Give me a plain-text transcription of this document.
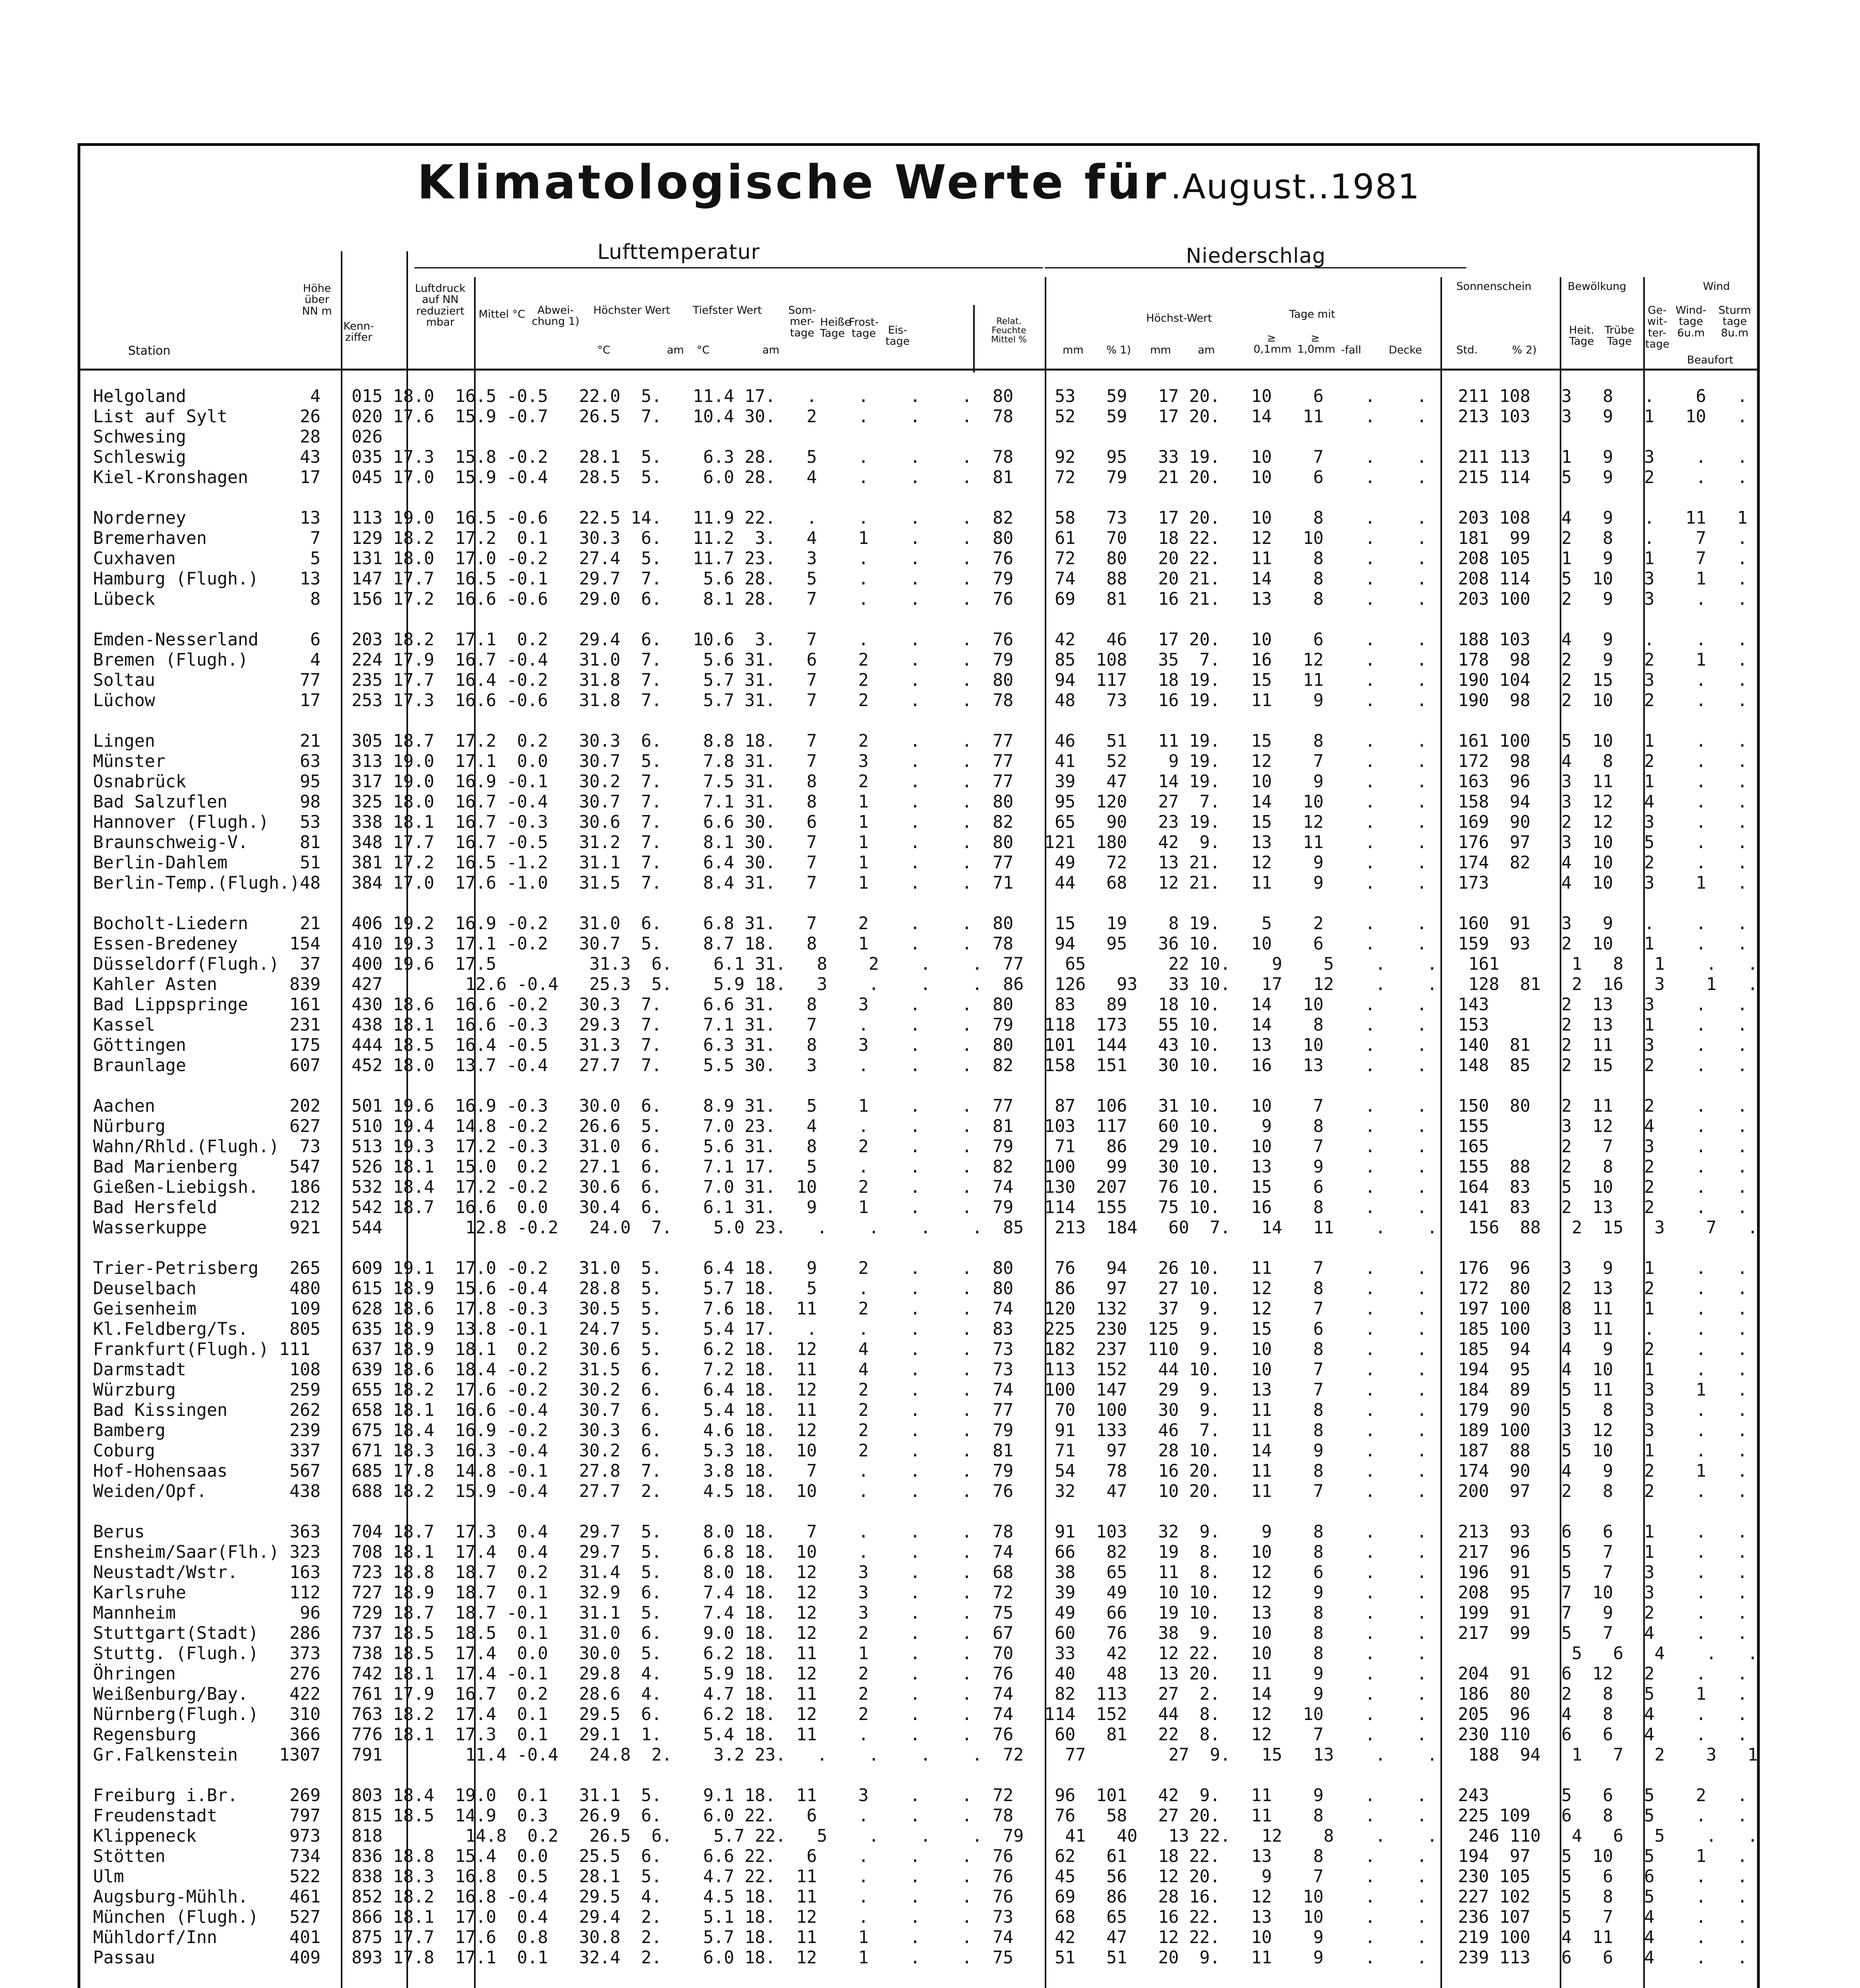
Klimatologische Werte für .August..1981
Lufttemperatur	Niederschlag
Station
Höhe über NN m
Kenn- ziffer
Luftdruck auf NN reduziert mbar
Mittel °C	Abwei- chung 1)
Höchster Wert
°C	am
Tiefster Wert
°C	am
Som- mer- tage
Heiße Tage
Frost- tage	Eis- tage
Relat. Feuchte Mittel %
mm % 1)
Höchst-Wert
mm am
Tage mit
≥ 0,1mm
≥ 1,0mm -fall	Decke
Sonnenschein
Std.	% 2)
Bewölkung
Heit. Tage
Trübe Tage
Ge- wit- ter- tage
Wind
Wind- tage 6u.m
Sturm tage 8u.m
Beaufort
Helgoland            4   015 18.0  16.5 -0.5   22.0  5.   11.4 17.   .    .    .    .  80    53   59   17 20.   10    6    .    .   211 108   3   8   .    6   .
List auf Sylt       26   020 17.6  15.9 -0.7   26.5  7.   10.4 30.   2    .    .    .  78    52   59   17 20.   14   11    .    .   213 103   3   9   1   10   .
Schwesing           28   026
Schleswig           43   035 17.3  15.8 -0.2   28.1  5.    6.3 28.   5    .    .    .  78    92   95   33 19.   10    7    .    .   211 113   1   9   3    .   .
Kiel-Kronshagen     17   045 17.0  15.9 -0.4   28.5  5.    6.0 28.   4    .    .    .  81    72   79   21 20.   10    6    .    .   215 114   5   9   2    .   .
Norderney           13   113 19.0  16.5 -0.6   22.5 14.   11.9 22.   .    .    .    .  82    58   73   17 20.   10    8    .    .   203 108   4   9   .   11   1
Bremerhaven          7   129 18.2  17.2  0.1   30.3  6.   11.2  3.   4    1    .    .  80    61   70   18 22.   12   10    .    .   181  99   2   8   .    7   .
Cuxhaven             5   131 18.0  17.0 -0.2   27.4  5.   11.7 23.   3    .    .    .  76    72   80   20 22.   11    8    .    .   208 105   1   9   1    7   .
Hamburg (Flugh.)    13   147 17.7  16.5 -0.1   29.7  7.    5.6 28.   5    .    .    .  79    74   88   20 21.   14    8    .    .   208 114   5  10   3    1   .
Lübeck               8   156 17.2  16.6 -0.6   29.0  6.    8.1 28.   7    .    .    .  76    69   81   16 21.   13    8    .    .   203 100   2   9   3    .   .
Emden-Nesserland     6   203 18.2  17.1  0.2   29.4  6.   10.6  3.   7    .    .    .  76    42   46   17 20.   10    6    .    .   188 103   4   9   .    .   .
Bremen (Flugh.)      4   224 17.9  16.7 -0.4   31.0  7.    5.6 31.   6    2    .    .  79    85  108   35  7.   16   12    .    .   178  98   2   9   2    1   .
Soltau              77   235 17.7  16.4 -0.2   31.8  7.    5.7 31.   7    2    .    .  80    94  117   18 19.   15   11    .    .   190 104   2  15   3    .   .
Lüchow              17   253 17.3  16.6 -0.6   31.8  7.    5.7 31.   7    2    .    .  78    48   73   16 19.   11    9    .    .   190  98   2  10   2    .   .
Lingen              21   305 18.7  17.2  0.2   30.3  6.    8.8 18.   7    2    .    .  77    46   51   11 19.   15    8    .    .   161 100   5  10   1    .   .
Münster             63   313 19.0  17.1  0.0   30.7  5.    7.8 31.   7    3    .    .  77    41   52    9 19.   12    7    .    .   172  98   4   8   2    .   .
Osnabrück           95   317 19.0  16.9 -0.1   30.2  7.    7.5 31.   8    2    .    .  77    39   47   14 19.   10    9    .    .   163  96   3  11   1    .   .
Bad Salzuflen       98   325 18.0  16.7 -0.4   30.7  7.    7.1 31.   8    1    .    .  80    95  120   27  7.   14   10    .    .   158  94   3  12   4    .   .
Hannover (Flugh.)   53   338 18.1  16.7 -0.3   30.6  7.    6.6 30.   6    1    .    .  82    65   90   23 19.   15   12    .    .   169  90   2  12   3    .   .
Braunschweig-V.     81   348 17.7  16.7 -0.5   31.2  7.    8.1 30.   7    1    .    .  80   121  180   42  9.   13   11    .    .   176  97   3  10   5    .   .
Berlin-Dahlem       51   381 17.2  16.5 -1.2   31.1  7.    6.4 30.   7    1    .    .  77    49   72   13 21.   12    9    .    .   174  82   4  10   2    .   .
Berlin-Temp.(Flugh.)48   384 17.0  17.6 -1.0   31.5  7.    8.4 31.   7    1    .    .  71    44   68   12 21.   11    9    .    .   173       4  10   3    1   .
Bocholt-Liedern     21   406 19.2  16.9 -0.2   31.0  6.    6.8 31.   7    2    .    .  80    15   19    8 19.    5    2    .    .   160  91   3   9   .    .   .
Essen-Bredeney     154   410 19.3  17.1 -0.2   30.7  5.    8.7 18.   8    1    .    .  78    94   95   36 10.   10    6    .    .   159  93   2  10   1    .   .
Düsseldorf(Flugh.)  37   400 19.6  17.5         31.3  6.    6.1 31.   8    2    .    .  77    65        22 10.    9    5    .    .   161       1   8   1    .   .
Kahler Asten       839   427        12.6 -0.4   25.3  5.    5.9 18.   3    .    .    .  86   126   93   33 10.   17   12    .    .   128  81   2  16   3    1   .
Bad Lippspringe    161   430 18.6  16.6 -0.2   30.3  7.    6.6 31.   8    3    .    .  80    83   89   18 10.   14   10    .    .   143       2  13   3    .   .
Kassel             231   438 18.1  16.6 -0.3   29.3  7.    7.1 31.   7    .    .    .  79   118  173   55 10.   14    8    .    .   153       2  13   1    .   .
Göttingen          175   444 18.5  16.4 -0.5   31.3  7.    6.3 31.   8    3    .    .  80   101  144   43 10.   13   10    .    .   140  81   2  11   3    .   .
Braunlage          607   452 18.0  13.7 -0.4   27.7  7.    5.5 30.   3    .    .    .  82   158  151   30 10.   16   13    .    .   148  85   2  15   2    .   .
Aachen             202   501 19.6  16.9 -0.3   30.0  6.    8.9 31.   5    1    .    .  77    87  106   31 10.   10    7    .    .   150  80   2  11   2    .   .
Nürburg            627   510 19.4  14.8 -0.2   26.6  5.    7.0 23.   4    .    .    .  81   103  117   60 10.    9    8    .    .   155       3  12   4    .   .
Wahn/Rhld.(Flugh.)  73   513 19.3  17.2 -0.3   31.0  6.    5.6 31.   8    2    .    .  79    71   86   29 10.   10    7    .    .   165       2   7   3    .   .
Bad Marienberg     547   526 18.1  15.0  0.2   27.1  6.    7.1 17.   5    .    .    .  82   100   99   30 10.   13    9    .    .   155  88   2   8   2    .   .
Gießen-Liebigsh.   186   532 18.4  17.2 -0.2   30.6  6.    7.0 31.  10    2    .    .  74   130  207   76 10.   15    6    .    .   164  83   5  10   2    .   .
Bad Hersfeld       212   542 18.7  16.6  0.0   30.4  6.    6.1 31.   9    1    .    .  79   114  155   75 10.   16    8    .    .   141  83   2  13   2    .   .
Wasserkuppe        921   544        12.8 -0.2   24.0  7.    5.0 23.   .    .    .    .  85   213  184   60  7.   14   11    .    .   156  88   2  15   3    7   .
Trier-Petrisberg   265   609 19.1  17.0 -0.2   31.0  5.    6.4 18.   9    2    .    .  80    76   94   26 10.   11    7    .    .   176  96   3   9   1    .   .
Deuselbach         480   615 18.9  15.6 -0.4   28.8  5.    5.7 18.   5    .    .    .  80    86   97   27 10.   12    8    .    .   172  80   2  13   2    .   .
Geisenheim         109   628 18.6  17.8 -0.3   30.5  5.    7.6 18.  11    2    .    .  74   120  132   37  9.   12    7    .    .   197 100   8  11   1    .   .
Kl.Feldberg/Ts.    805   635 18.9  13.8 -0.1   24.7  5.    5.4 17.   .    .    .    .  83   225  230  125  9.   15    6    .    .   185 100   3  11   .    .   .
Frankfurt(Flugh.) 111    637 18.9  18.1  0.2   30.6  5.    6.2 18.  12    4    .    .  73   182  237  110  9.   10    8    .    .   185  94   4   9   2    .   .
Darmstadt          108   639 18.6  18.4 -0.2   31.5  6.    7.2 18.  11    4    .    .  73   113  152   44 10.   10    7    .    .   194  95   4  10   1    .   .
Würzburg           259   655 18.2  17.6 -0.2   30.2  6.    6.4 18.  12    2    .    .  74   100  147   29  9.   13    7    .    .   184  89   5  11   3    1   .
Bad Kissingen      262   658 18.1  16.6 -0.4   30.7  6.    5.4 18.  11    2    .    .  77    70  100   30  9.   11    8    .    .   179  90   5   8   3    .   .
Bamberg            239   675 18.4  16.9 -0.2   30.3  6.    4.6 18.  12    2    .    .  79    91  133   46  7.   11    8    .    .   189 100   3  12   3    .   .
Coburg             337   671 18.3  16.3 -0.4   30.2  6.    5.3 18.  10    2    .    .  81    71   97   28 10.   14    9    .    .   187  88   5  10   1    .   .
Hof-Hohensaas      567   685 17.8  14.8 -0.1   27.8  7.    3.8 18.   7    .    .    .  79    54   78   16 20.   11    8    .    .   174  90   4   9   2    1   .
Weiden/Opf.        438   688 18.2  15.9 -0.4   27.7  2.    4.5 18.  10    .    .    .  76    32   47   10 20.   11    7    .    .   200  97   2   8   2    .   .
Berus              363   704 18.7  17.3  0.4   29.7  5.    8.0 18.   7    .    .    .  78    91  103   32  9.    9    8    .    .   213  93   6   6   1    .   .
Ensheim/Saar(Flh.) 323   708 18.1  17.4  0.4   29.7  5.    6.8 18.  10    .    .    .  74    66   82   19  8.   10    8    .    .   217  96   5   7   1    .   .
Neustadt/Wstr.     163   723 18.8  18.7  0.2   31.4  5.    8.0 18.  12    3    .    .  68    38   65   11  8.   12    6    .    .   196  91   5   7   3    .   .
Karlsruhe          112   727 18.9  18.7  0.1   32.9  6.    7.4 18.  12    3    .    .  72    39   49   10 10.   12    9    .    .   208  95   7  10   3    .   .
Mannheim            96   729 18.7  18.7 -0.1   31.1  5.    7.4 18.  12    3    .    .  75    49   66   19 10.   13    8    .    .   199  91   7   9   2    .   .
Stuttgart(Stadt)   286   737 18.5  18.5  0.1   31.0  6.    9.0 18.  12    2    .    .  67    60   76   38  9.   10    8    .    .   217  99   5   7   4    .   .
Stuttg. (Flugh.)   373   738 18.5  17.4  0.0   30.0  5.    6.2 18.  11    1    .    .  70    33   42   12 22.   10    8    .    .              5   6   4    .   .
Öhringen           276   742 18.1  17.4 -0.1   29.8  4.    5.9 18.  12    2    .    .  76    40   48   13 20.   11    9    .    .   204  91   6  12   2    .   .
Weißenburg/Bay.    422   761 17.9  16.7  0.2   28.6  4.    4.7 18.  11    2    .    .  74    82  113   27  2.   14    9    .    .   186  80   2   8   5    1   .
Nürnberg(Flugh.)   310   763 18.2  17.4  0.1   29.5  6.    6.2 18.  12    2    .    .  74   114  152   44  8.   12   10    .    .   205  96   4   8   4    .   .
Regensburg         366   776 18.1  17.3  0.1   29.1  1.    5.4 18.  11    .    .    .  76    60   81   22  8.   12    7    .    .   230 110   6   6   4    .   .
Gr.Falkenstein    1307   791        11.4 -0.4   24.8  2.    3.2 23.   .    .    .    .  72    77        27  9.   15   13    .    .   188  94   1   7   2    3   1
Freiburg i.Br.     269   803 18.4  19.0  0.1   31.1  5.    9.1 18.  11    3    .    .  72    96  101   42  9.   11    9    .    .   243       5   6   5    2   .
Freudenstadt       797   815 18.5  14.9  0.3   26.9  6.    6.0 22.   6    .    .    .  78    76   58   27 20.   11    8    .    .   225 109   6   8   5    .   .
Klippeneck         973   818        14.8  0.2   26.5  6.    5.7 22.   5    .    .    .  79    41   40   13 22.   12    8    .    .   246 110   4   6   5    .   .
Stötten            734   836 18.8  15.4  0.0   25.5  6.    6.6 22.   6    .    .    .  76    62   61   18 22.   13    8    .    .   194  97   5  10   5    1   .
Ulm                522   838 18.3  16.8  0.5   28.1  5.    4.7 22.  11    .    .    .  76    45   56   12 20.    9    7    .    .   230 105   5   6   6    .   .
Augsburg-Mühlh.    461   852 18.2  16.8 -0.4   29.5  4.    4.5 18.  11    .    .    .  76    69   86   28 16.   12   10    .    .   227 102   5   8   5    .   .
München (Flugh.)   527   866 18.1  17.0  0.4   29.4  2.    5.1 18.  12    .    .    .  73    68   65   16 22.   13   10    .    .   236 107   5   7   4    .   .
Mühldorf/Inn       401   875 17.7  17.6  0.8   30.8  2.    5.7 18.  11    1    .    .  74    42   47   12 22.   10    9    .    .   219 100   4  11   4    .   .
Passau             409   893 17.8  17.1  0.1   32.4  2.    6.0 18.  12    1    .    .  75    51   51   20  9.   11    9    .    .   239 113   6   6   4    .   .
